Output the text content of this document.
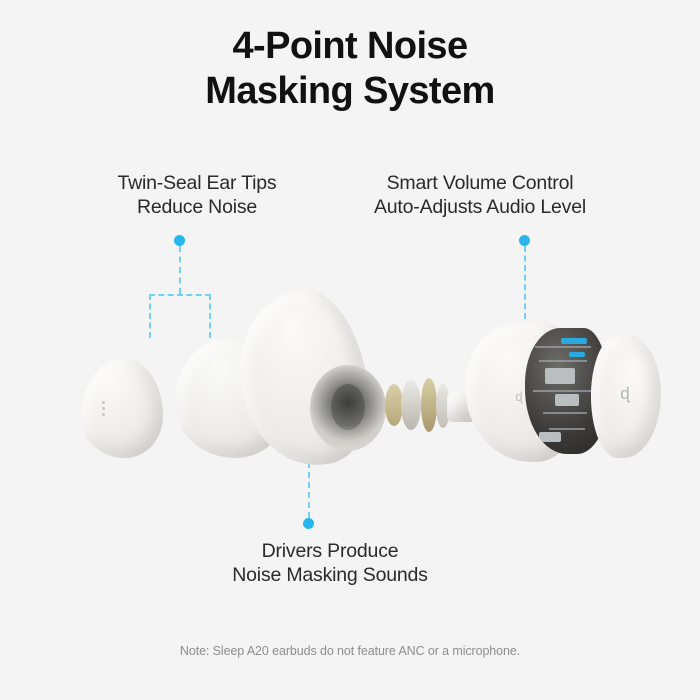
4-Point Noise
Masking System
Twin-Seal Ear Tips
Reduce Noise
Smart Volume Control
Auto-Adjusts Audio Level
Drivers Produce
Noise Masking Sounds
ɖ	ɖ
Note: Sleep A20 earbuds do not feature ANC or a microphone.
